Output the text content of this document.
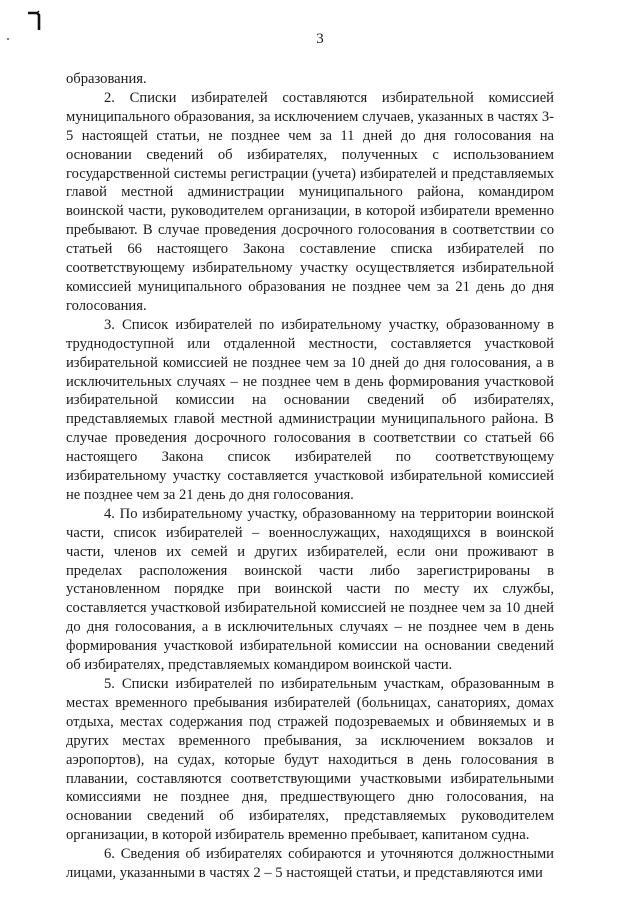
3

образования.

2. Списки избирателей составляются избирательной комиссией муниципального образования, за исключением случаев, указанных в частях 3-5 настоящей статьи, не позднее чем за 11 дней до дня голосования на основании сведений об избирателях, полученных с использованием государственной системы регистрации (учета) избирателей и представляемых главой местной администрации муниципального района, командиром воинской части, руководителем организации, в которой избиратели временно пребывают. В случае проведения досрочного голосования в соответствии со статьей 66 настоящего Закона составление списка избирателей по соответствующему избирательному участку осуществляется избирательной комиссией муниципального образования не позднее чем за 21 день до дня голосования.

3. Список избирателей по избирательному участку, образованному в труднодоступной или отдаленной местности, составляется участковой избирательной комиссией не позднее чем за 10 дней до дня голосования, а в исключительных случаях – не позднее чем в день формирования участковой избирательной комиссии на основании сведений об избирателях, представляемых главой местной администрации муниципального района. В случае проведения досрочного голосования в соответствии со статьей 66 настоящего Закона список избирателей по соответствующему избирательному участку составляется участковой избирательной комиссией не позднее чем за 21 день до дня голосования.

4. По избирательному участку, образованному на территории воинской части, список избирателей – военнослужащих, находящихся в воинской части, членов их семей и других избирателей, если они проживают в пределах расположения воинской части либо зарегистрированы в установленном порядке при воинской части по месту их службы, составляется участковой избирательной комиссией не позднее чем за 10 дней до дня голосования, а в исключительных случаях – не позднее чем в день формирования участковой избирательной комиссии на основании сведений об избирателях, представляемых командиром воинской части.

5. Списки избирателей по избирательным участкам, образованным в местах временного пребывания избирателей (больницах, санаториях, домах отдыха, местах содержания под стражей подозреваемых и обвиняемых и в других местах временного пребывания, за исключением вокзалов и аэропортов), на судах, которые будут находиться в день голосования в плавании, составляются соответствующими участковыми избирательными комиссиями не позднее дня, предшествующего дню голосования, на основании сведений об избирателях, представляемых руководителем организации, в которой избиратель временно пребывает, капитаном судна.

6. Сведения об избирателях собираются и уточняются должностными лицами, указанными в частях 2 – 5 настоящей статьи, и представляются ими
